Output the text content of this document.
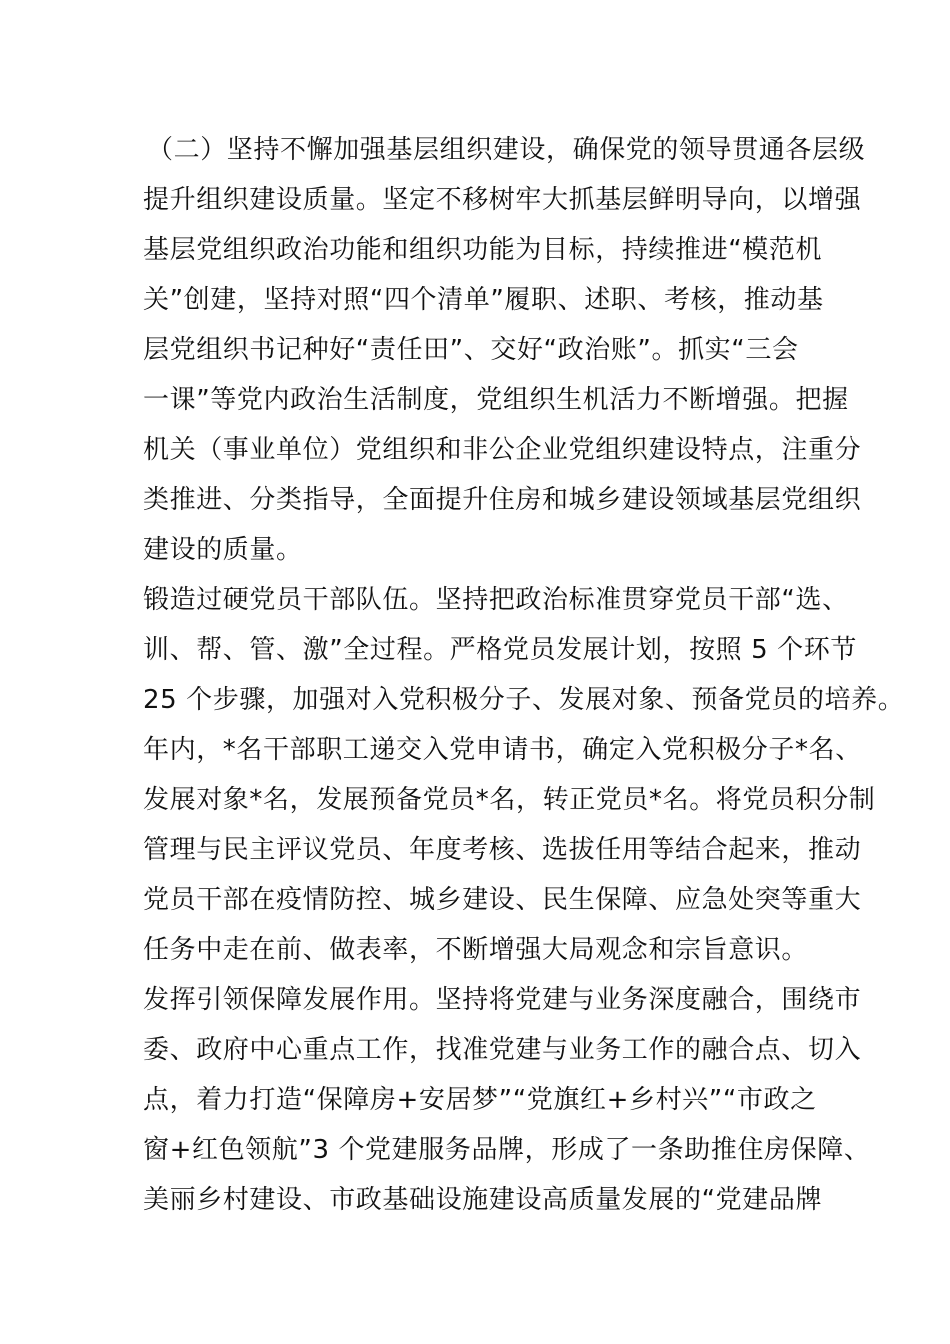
（二）坚持不懈加强基层组织建设，确保党的领导贯通各层级
提升组织建设质量。坚定不移树牢大抓基层鲜明导向，以增强
基层党组织政治功能和组织功能为目标，持续推进“模范机
关”创建，坚持对照“四个清单”履职、述职、考核，推动基
层党组织书记种好“责任田”、交好“政治账”。抓实“三会
一课”等党内政治生活制度，党组织生机活力不断增强。把握
机关（事业单位）党组织和非公企业党组织建设特点，注重分
类推进、分类指导，全面提升住房和城乡建设领域基层党组织
建设的质量。
锻造过硬党员干部队伍。坚持把政治标准贯穿党员干部“选、
训、帮、管、激”全过程。严格党员发展计划，按照 5 个环节
25 个步骤，加强对入党积极分子、发展对象、预备党员的培养。
年内，*名干部职工递交入党申请书，确定入党积极分子*名、
发展对象*名，发展预备党员*名，转正党员*名。将党员积分制
管理与民主评议党员、年度考核、选拔任用等结合起来，推动
党员干部在疫情防控、城乡建设、民生保障、应急处突等重大
任务中走在前、做表率，不断增强大局观念和宗旨意识。
发挥引领保障发展作用。坚持将党建与业务深度融合，围绕市
委、政府中心重点工作，找准党建与业务工作的融合点、切入
点，着力打造“保障房+安居梦”“党旗红+乡村兴”“市政之
窗+红色领航”3 个党建服务品牌，形成了一条助推住房保障、
美丽乡村建设、市政基础设施建设高质量发展的“党建品牌
